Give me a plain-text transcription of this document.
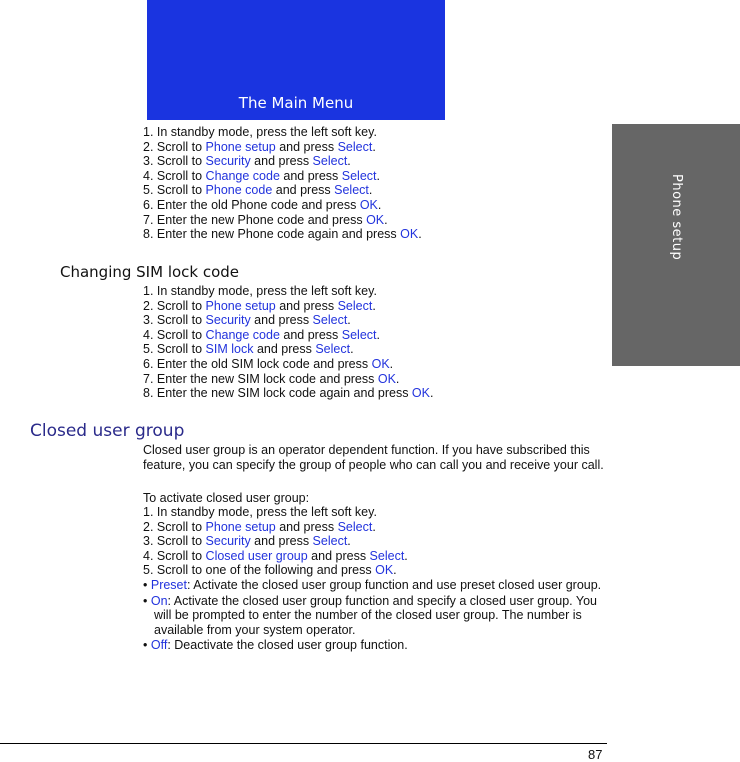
The Main Menu
Phone setup
1. In standby mode, press the left soft key.
2. Scroll to Phone setup and press Select.
3. Scroll to Security and press Select.
4. Scroll to Change code and press Select.
5. Scroll to Phone code and press Select.
6. Enter the old Phone code and press OK.
7. Enter the new Phone code and press OK.
8. Enter the new Phone code again and press OK.
Changing SIM lock code
1. In standby mode, press the left soft key.
2. Scroll to Phone setup and press Select.
3. Scroll to Security and press Select.
4. Scroll to Change code and press Select.
5. Scroll to SIM lock and press Select.
6. Enter the old SIM lock code and press OK.
7. Enter the new SIM lock code and press OK.
8. Enter the new SIM lock code again and press OK.
Closed user group

Closed user group is an operator dependent function. If you have subscribed this feature, you can specify the group of people who can call you and receive your call.

To activate closed user group:

1. In standby mode, press the left soft key.
2. Scroll to Phone setup and press Select.
3. Scroll to Security and press Select.
4. Scroll to Closed user group and press Select.
5. Scroll to one of the following and press OK.
• Preset: Activate the closed user group function and use preset closed user group.
• On: Activate the closed user group function and specify a closed user group. You will be prompted to enter the number of the closed user group. The number is available from your system operator.
• Off: Deactivate the closed user group function.
87
